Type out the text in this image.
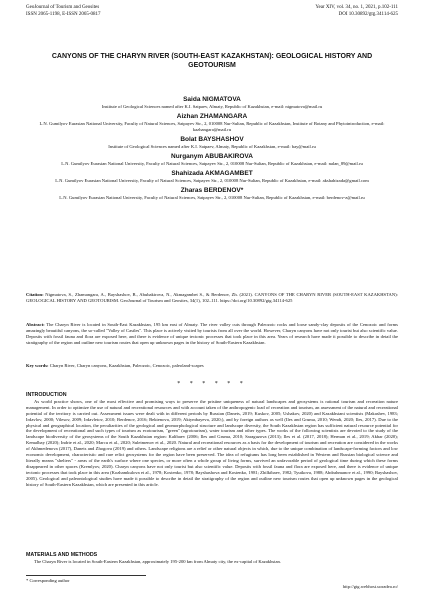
GeoJournal of Tourism and Geosites
ISSN 2065-1198, E-ISSN 2065-0817
Year XIV, vol. 34, no. 1, 2021, p.102-111
DOI 10.30892/gtg.34114-625
CANYONS OF THE CHARYN RIVER (SOUTH-EAST KAZAKHSTAN): GEOLOGICAL HISTORY AND GEOTOURISM
Saida NIGMATOVA
Institute of Geological Sciences named after K.I. Satpaev, Almaty, Republic of Kazakhstan, e-mail: nigmatova@mail.ru
Aizhan ZHAMANGARA
L.N. Gumilyov Eurasian National University, Faculty of Natural Sciences, Satpayev Str., 2, 010008 Nur-Sultan, Republic of Kazakhstan, Institute of Botany and Phytointroduction, e-mail: kazhangara@mail.ru
Bolat BAYSHASHOV
Institute of Geological Sciences named after K.I. Satpaev, Almaty, Republic of Kazakhstan, e-mail: bay@mail.ru
Nurganym ABUBAKIROVA
L.N. Gumilyov Eurasian National University, Faculty of Natural Sciences, Satpayev Str., 2, 010008 Nur-Sultan, Republic of Kazakhstan, e-mail: nalan_89@mail.ru
Shahizada AKMAGAMBET
L.N. Gumilyov Eurasian National University, Faculty of Natural Sciences, Satpayev Str., 2, 010008 Nur-Sultan, Republic of Kazakhstan, e-mail: akshahizada@gmail.com
Zharas BERDENOV*
L.N. Gumilyov Eurasian National University, Faculty of Natural Sciences, Satpayev Str., 2, 010008 Nur-Sultan, Republic of Kazakhstan, e-mail: berdenov-z@mail.ru
Citation: Nigmatova, S., Zhamangara, A., Bayshashov, B., Abubakirova, N., Akmagambet S., & Berdenov, Zh. (2021). CANYONS OF THE CHARYN RIVER (SOUTH-EAST KAZAKHSTAN): GEOLOGICAL HISTORY AND GEOTOURISM. GeoJournal of Tourism and Geosites, 34(1), 102–111. https://doi.org/10.30892/gtg.34114-625
Abstract: The Charyn River is located in South-East Kazakhstan, 195 km east of Almaty. The river valley cuts through Paleozoic rocks and loose sandy-clay deposits of the Cenozoic and forms amazingly beautiful canyons, the so-called "Valley of Castles". This place is actively visited by tourists from all over the world. However, Charyn canyons have not only tourist but also scientific value. Deposits with fossil fauna and flora are exposed here, and there is evidence of unique tectonic processes that took place in this area. Years of research have made it possible to describe in detail the stratigraphy of the region and outline new tourism routes that open up unknown pages in the history of South-Eastern Kazakhstan.
Key words: Charyn River, Charyn canyons, Kazakhstan, Paleozoic, Cenozoic, paleoland-scapes
* * * * * *
INTRODUCTION
As world practice shows, one of the most effective and promising ways to preserve the pristine uniqueness of natural landscapes and geosystems is rational tourism and recreation nature management. In order to optimize the use of natural and recreational resources and with account taken of the anthropogenic load of recreation and tourism, an assessment of the natural and recreational potential of the territory is carried out. Assessment issues were dealt with in different periods by Russian (Danets, 2019; Kuskov, 2005; Ushakov, 2020) and Kazakhstani scientists (Makashev, 1983; Irdavlov, 2000; Vilesov, 2009; Irdavletov, 2010; Berdenov, 2016; Bektenova, 2019; Aktymbayeva, 2020;), and by foreign authors as well (Iles and Gruma, 2010; Wendt, 2020; Iles, 2017). Due to the physical and geographical location, the peculiarities of the geological and geomorphological structure and landscape diversity, the South Kazakhstan region has sufficient natural resource potential for the development of recreational and such types of tourism as ecotourism, "green" (agrotourism), water tourism and other types. The works of the following scientists are devoted to the study of the landscape biodiversity of the geosystems of the South Kazakhstan region: Kalibaev (2006; Iles and Gruma, 2010; Saraguzova (2013); Iles et al. (2017, 2018); Herman et al., 2019; Akbar (2020); Kemalbay (2020); Indrie et al., 2020; Marcu et al., 2020; Suleimenov et al., 2020. Natural and recreational resources as a basis for the development of tourism and recreation are considered in the works of Akhmedenova (2017), Danets and Zhogova (2019) and others. Landscape religions are a relief or other natural objects in which, due to the unique combination of landscape-forming factors and low economic development, characteristic and rare relict geosystems for the region have been preserved. The idea of refugiums has long been established in Western and Russian biological science and literally means "shelters" - areas of the earth's surface where one species, or more often a whole group of living forms, survived an unfavorable period of geological time during which these forms disappeared in other spaces (Kremlyov, 2020). Charyn canyons have not only tourist but also scientific value. Deposits with fossil fauna and flora are exposed here, and there is evidence of unique tectonic processes that took place in this area (Kozhamkulova et al., 1978; Kostenko, 1978; Bayshashova and Kostenko, 1981; Zhilkibaev, 1982; Tyutkova, 1988; Abdrahmanov et al., 1990; Bayshashov, 2005). Geological and paleontological studies have made it possible to describe in detail the stratigraphy of the region and outline new tourism routes that open up unknown pages in the geological history of South-Eastern Kazakhstan, which are presented in this article.
MATERIALS AND METHODS
The Charyn River is located in South-Eastern Kazakhstan, approximately 195-200 km from Almaty city, the ex-capital of Kazakhstan.
* Corresponding author
http://gtg.webhost.uoradea.ro/
